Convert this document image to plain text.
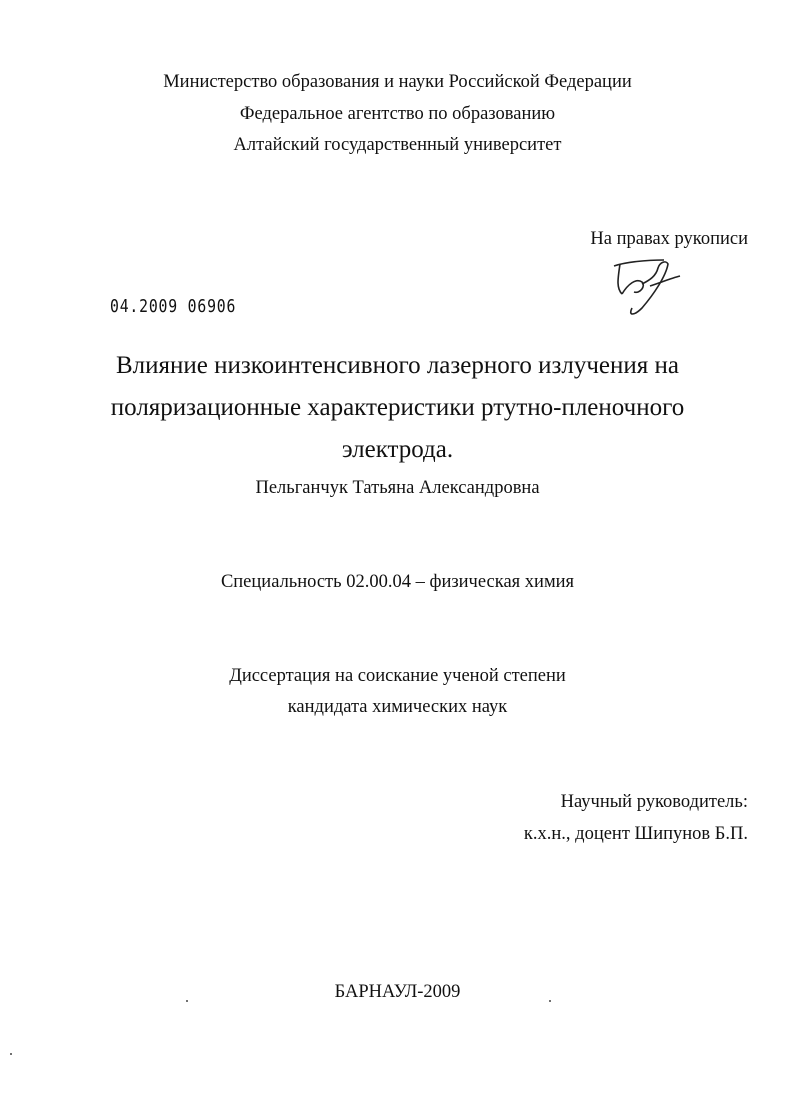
Министерство образования и науки Российской Федерации
Федеральное агентство по образованию
Алтайский государственный университет
На правах рукописи
04.2009 06906
Влияние низкоинтенсивного лазерного излучения на
поляризационные характеристики ртутно-пленочного
электрода.
Пельганчук Татьяна Александровна
Специальность 02.00.04 – физическая химия
Диссертация на соискание ученой степени
кандидата химических наук
Научный руководитель:
к.х.н., доцент Шипунов Б.П.
БАРНАУЛ-2009
